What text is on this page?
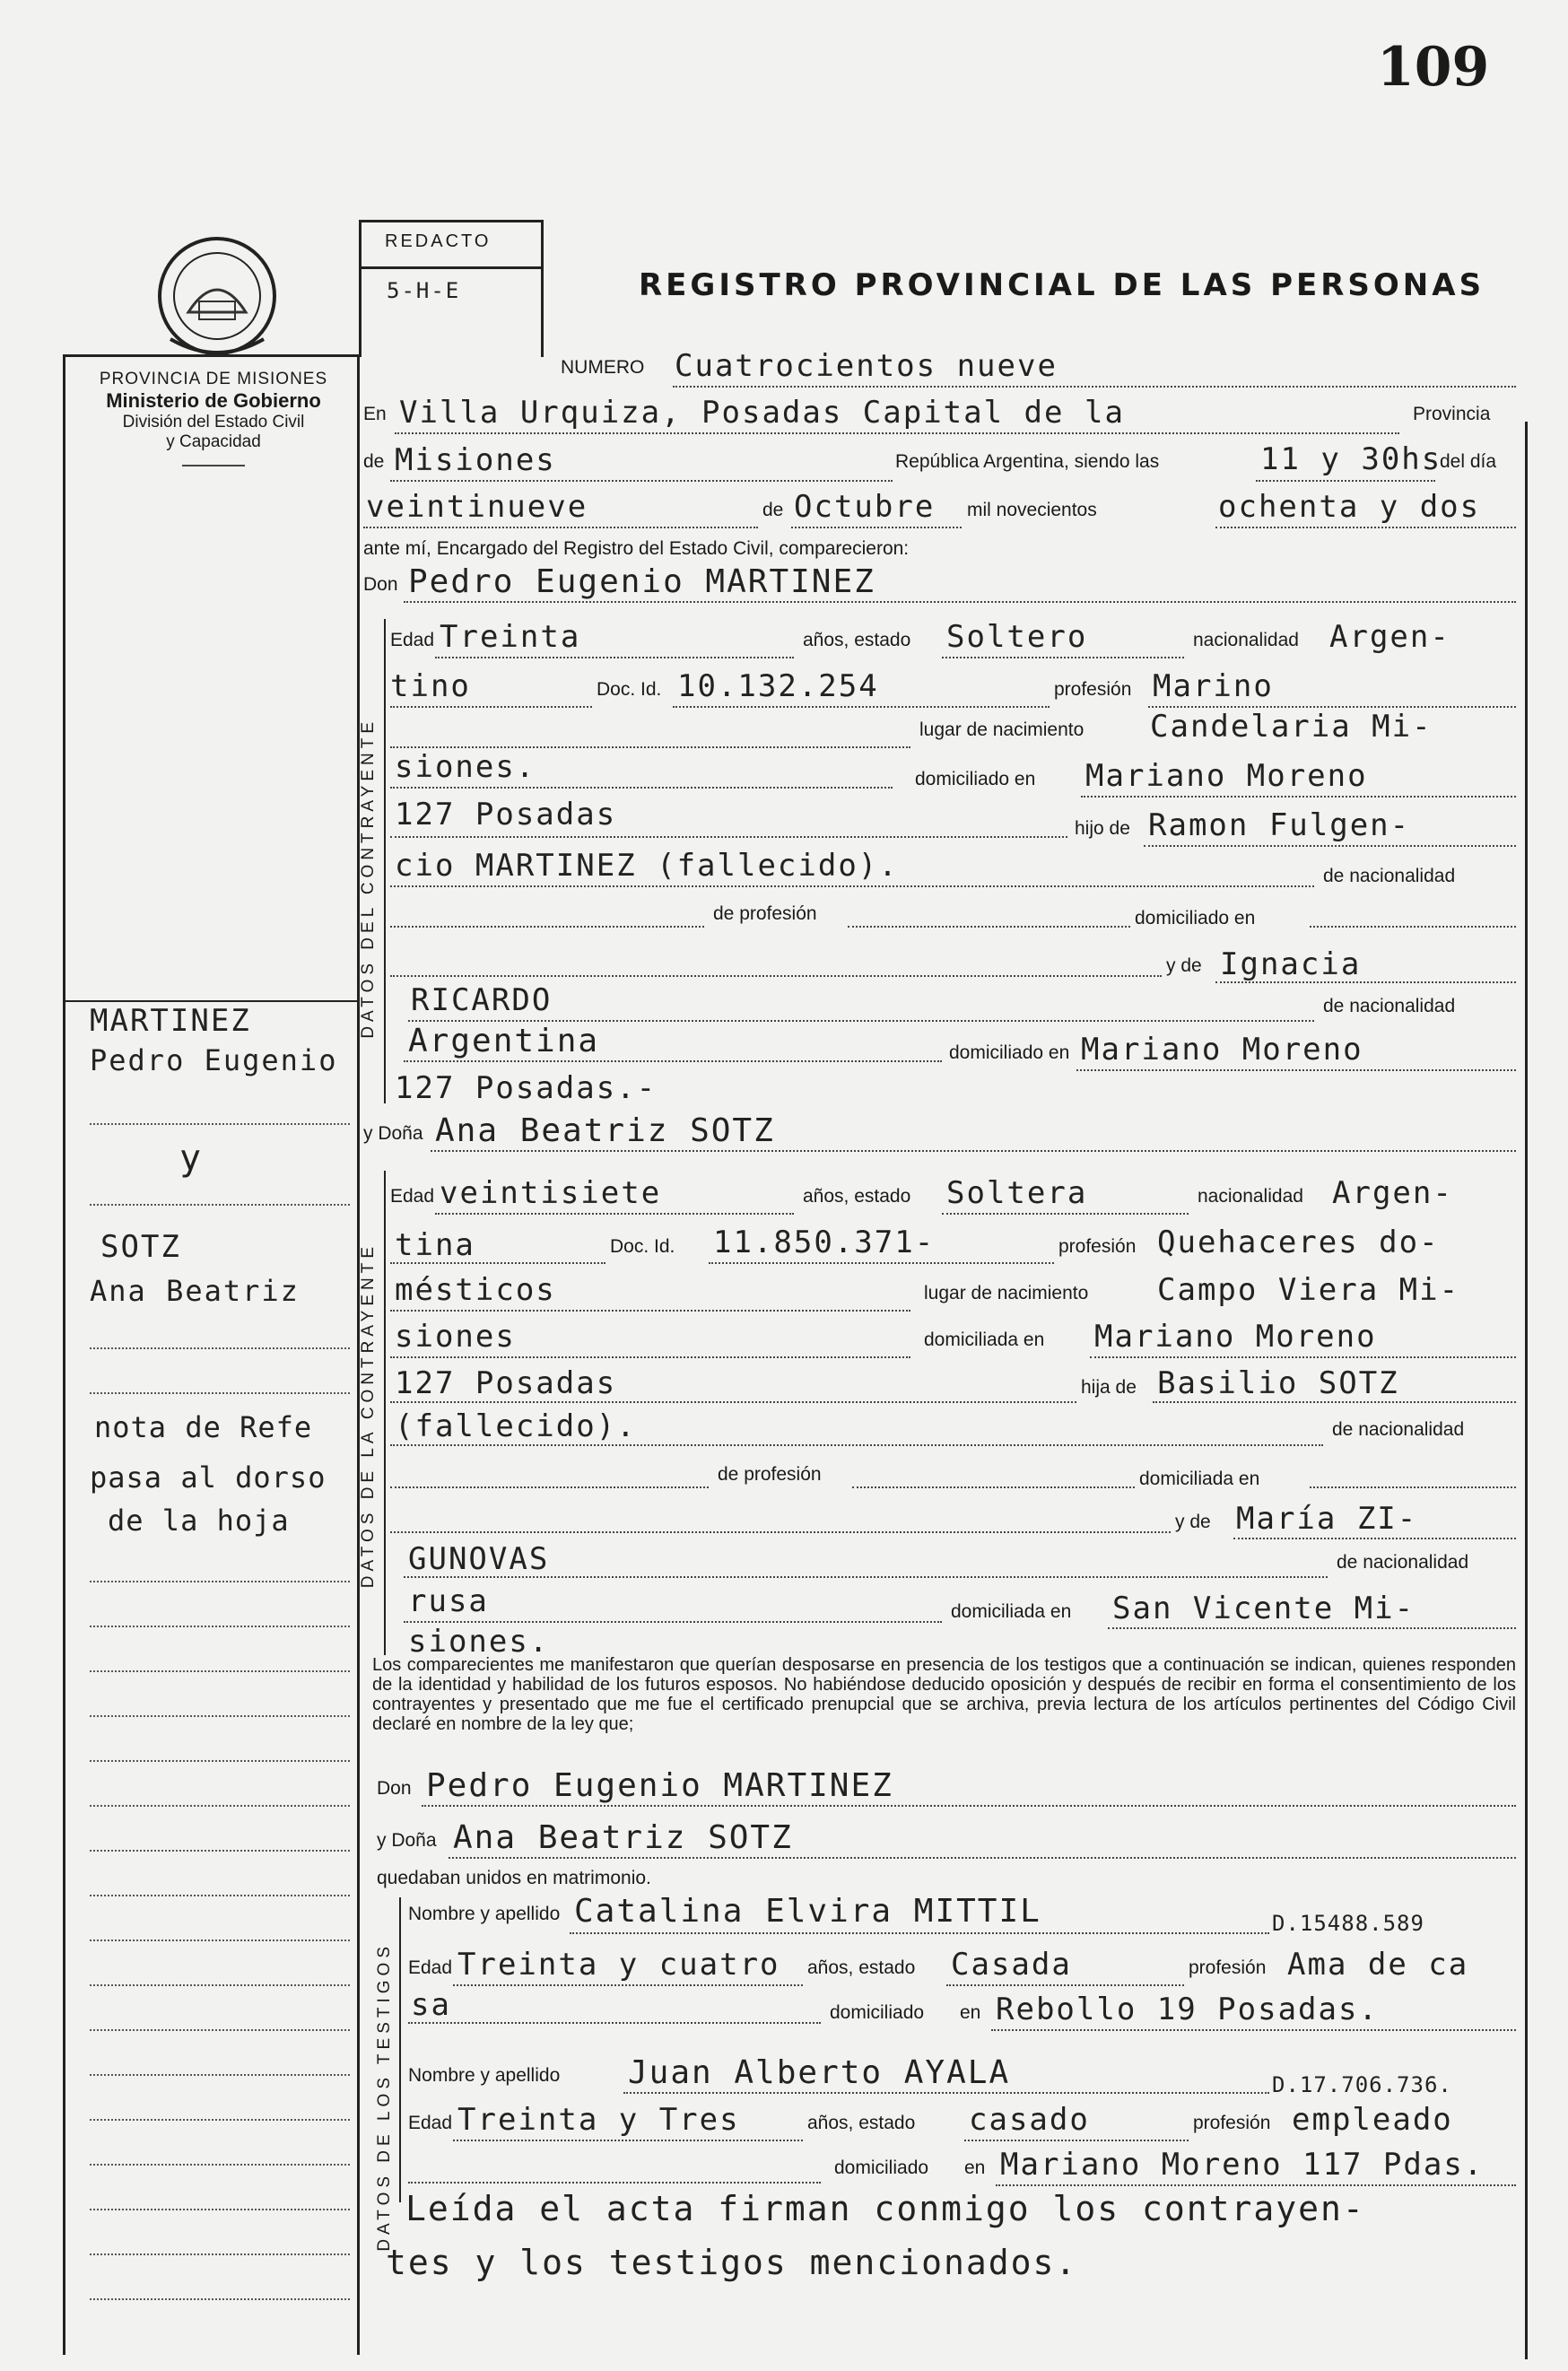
109
PROVINCIA DE MISIONES
Ministerio de Gobierno
División del Estado Civil
y Capacidad
REDACTO
5-H-E	REGISTRO PROVINCIAL DE LAS PERSONAS
NUMERO Cuatrocientos nueve
En Villa Urquiza, Posadas Capital de la	Provincia
de Misiones	República Argentina, siendo las	11 y 30hs
del día
veintinueve	de Octubre mil novecientos	ochenta y dos
ante mí, Encargado del Registro del Estado Civil, comparecieron:
Don Pedro Eugenio MARTINEZ
DATOS DEL CONTRAYENTE
Edad Treinta	años, estado Soltero	nacionalidad Argen-
tino	Doc. Id. 10.132.254	profesión Marino
lugar de nacimiento Candelaria Mi-
siones.	domiciliado en Mariano Moreno
127 Posadas	hijo de Ramon Fulgen-
cio MARTINEZ (fallecido).	de nacionalidad
de profesión	domiciliado en
y de Ignacia
RICARDO	de nacionalidad
Argentina	domiciliado en Mariano Moreno
127 Posadas.-
y Doña Ana Beatriz SOTZ
DATOS DE LA CONTRAYENTE
Edad veintisiete	años, estado Soltera	nacionalidad Argen-
tina	Doc. Id. 11.850.371-	profesión Quehaceres do-
mésticos	lugar de nacimiento Campo Viera Mi-
siones	domiciliada en Mariano Moreno
127 Posadas	hija de Basilio SOTZ
(fallecido).	de nacionalidad
de profesión	domiciliada en
y de María ZI-
GUNOVAS	de nacionalidad
rusa	domiciliada en San Vicente Mi-
siones.
Los comparecientes me manifestaron que querían desposarse en presencia de los testigos que a continuación se indican, quienes responden de la identidad y habilidad de los futuros esposos. No habiéndose deducido oposición y después de recibir en forma el consentimiento de los contrayentes y presentado que me fue el certificado prenupcial que se archiva, previa lectura de los artículos pertinentes del Código Civil declaré en nombre de la ley que;
Don Pedro Eugenio MARTINEZ
y Doña Ana Beatriz SOTZ
quedaban unidos en matrimonio.
DATOS DE LOS TESTIGOS
Nombre y apellido Catalina Elvira MITTIL	D.15488.589
Edad Treinta y cuatro años, estado Casada	profesión Ama de ca
sa	domiciliado en Rebollo 19 Posadas.
Nombre y apellido Juan Alberto AYALA	D.17.706.736.
Edad Treinta y Tres	años, estado casado	profesión empleado
domiciliado en Mariano Moreno 117 Pdas.
Leída el acta firman conmigo los contrayen-
tes y los testigos mencionados.
MARTINEZ
Pedro Eugenio
y
SOTZ
Ana Beatriz
nota de Refe
pasa al dorso
de la hoja
